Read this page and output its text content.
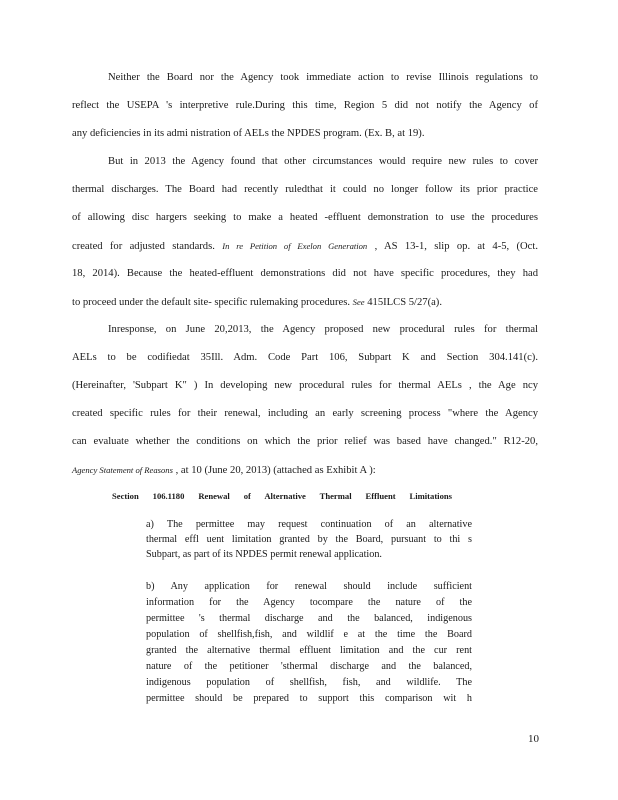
Neither the Board nor the Agency took immediate action to revise Illinois regulations to
reflect the USEPA 's interpretive rule.During this time, Region 5 did not notify the Agency of
any deficiencies in its admi nistration of AELs the NPDES program. (Ex. B, at 19).
But in 2013 the Agency found that other circumstances would require new rules to cover
thermal discharges. The Board had recently ruledthat it could no longer follow its prior practice
of allowing disc hargers seeking to make a heated -effluent demonstration to use the procedures
created for adjusted standards. In re Petition of Exelon Generation , AS 13-1, slip op. at 4-5, (Oct.
18, 2014). Because the heated-effluent demonstrations did not have specific procedures, they had
to proceed under the default site- specific rulemaking procedures. See 415ILCS 5/27(a).
Inresponse, on June 20,2013, the Agency proposed new procedural rules for thermal
AELs to be codifiedat 35Ill. Adm. Code Part 106, Subpart K and Section 304.141(c).
(Hereinafter, 'Subpart K" ) In developing new procedural rules for thermal AELs , the Age ncy
created specific rules for their renewal, including an early screening process "where the Agency
can evaluate whether the conditions on which the prior relief was based have changed." R12-20,
Agency Statement of Reasons , at 10 (June 20, 2013) (attached as Exhibit A ):
Section 106.1180 Renewal of Alternative Thermal Effluent Limitations
a) The permittee may request continuation of an alternative
thermal effl uent limitation granted by the Board, pursuant to thi s
Subpart, as part of its NPDES permit renewal application.
b) Any application for renewal should include sufficient
information for the Agency tocompare the nature of the
permittee 's thermal discharge and the balanced, indigenous
population of shellfish,fish, and wildlif e at the time the Board
granted the alternative thermal effluent limitation and the cur rent
nature of the petitioner 'sthermal discharge and the balanced,
indigenous population of shellfish, fish, and wildlife. The
permittee should be prepared to support this comparison wit h
10
